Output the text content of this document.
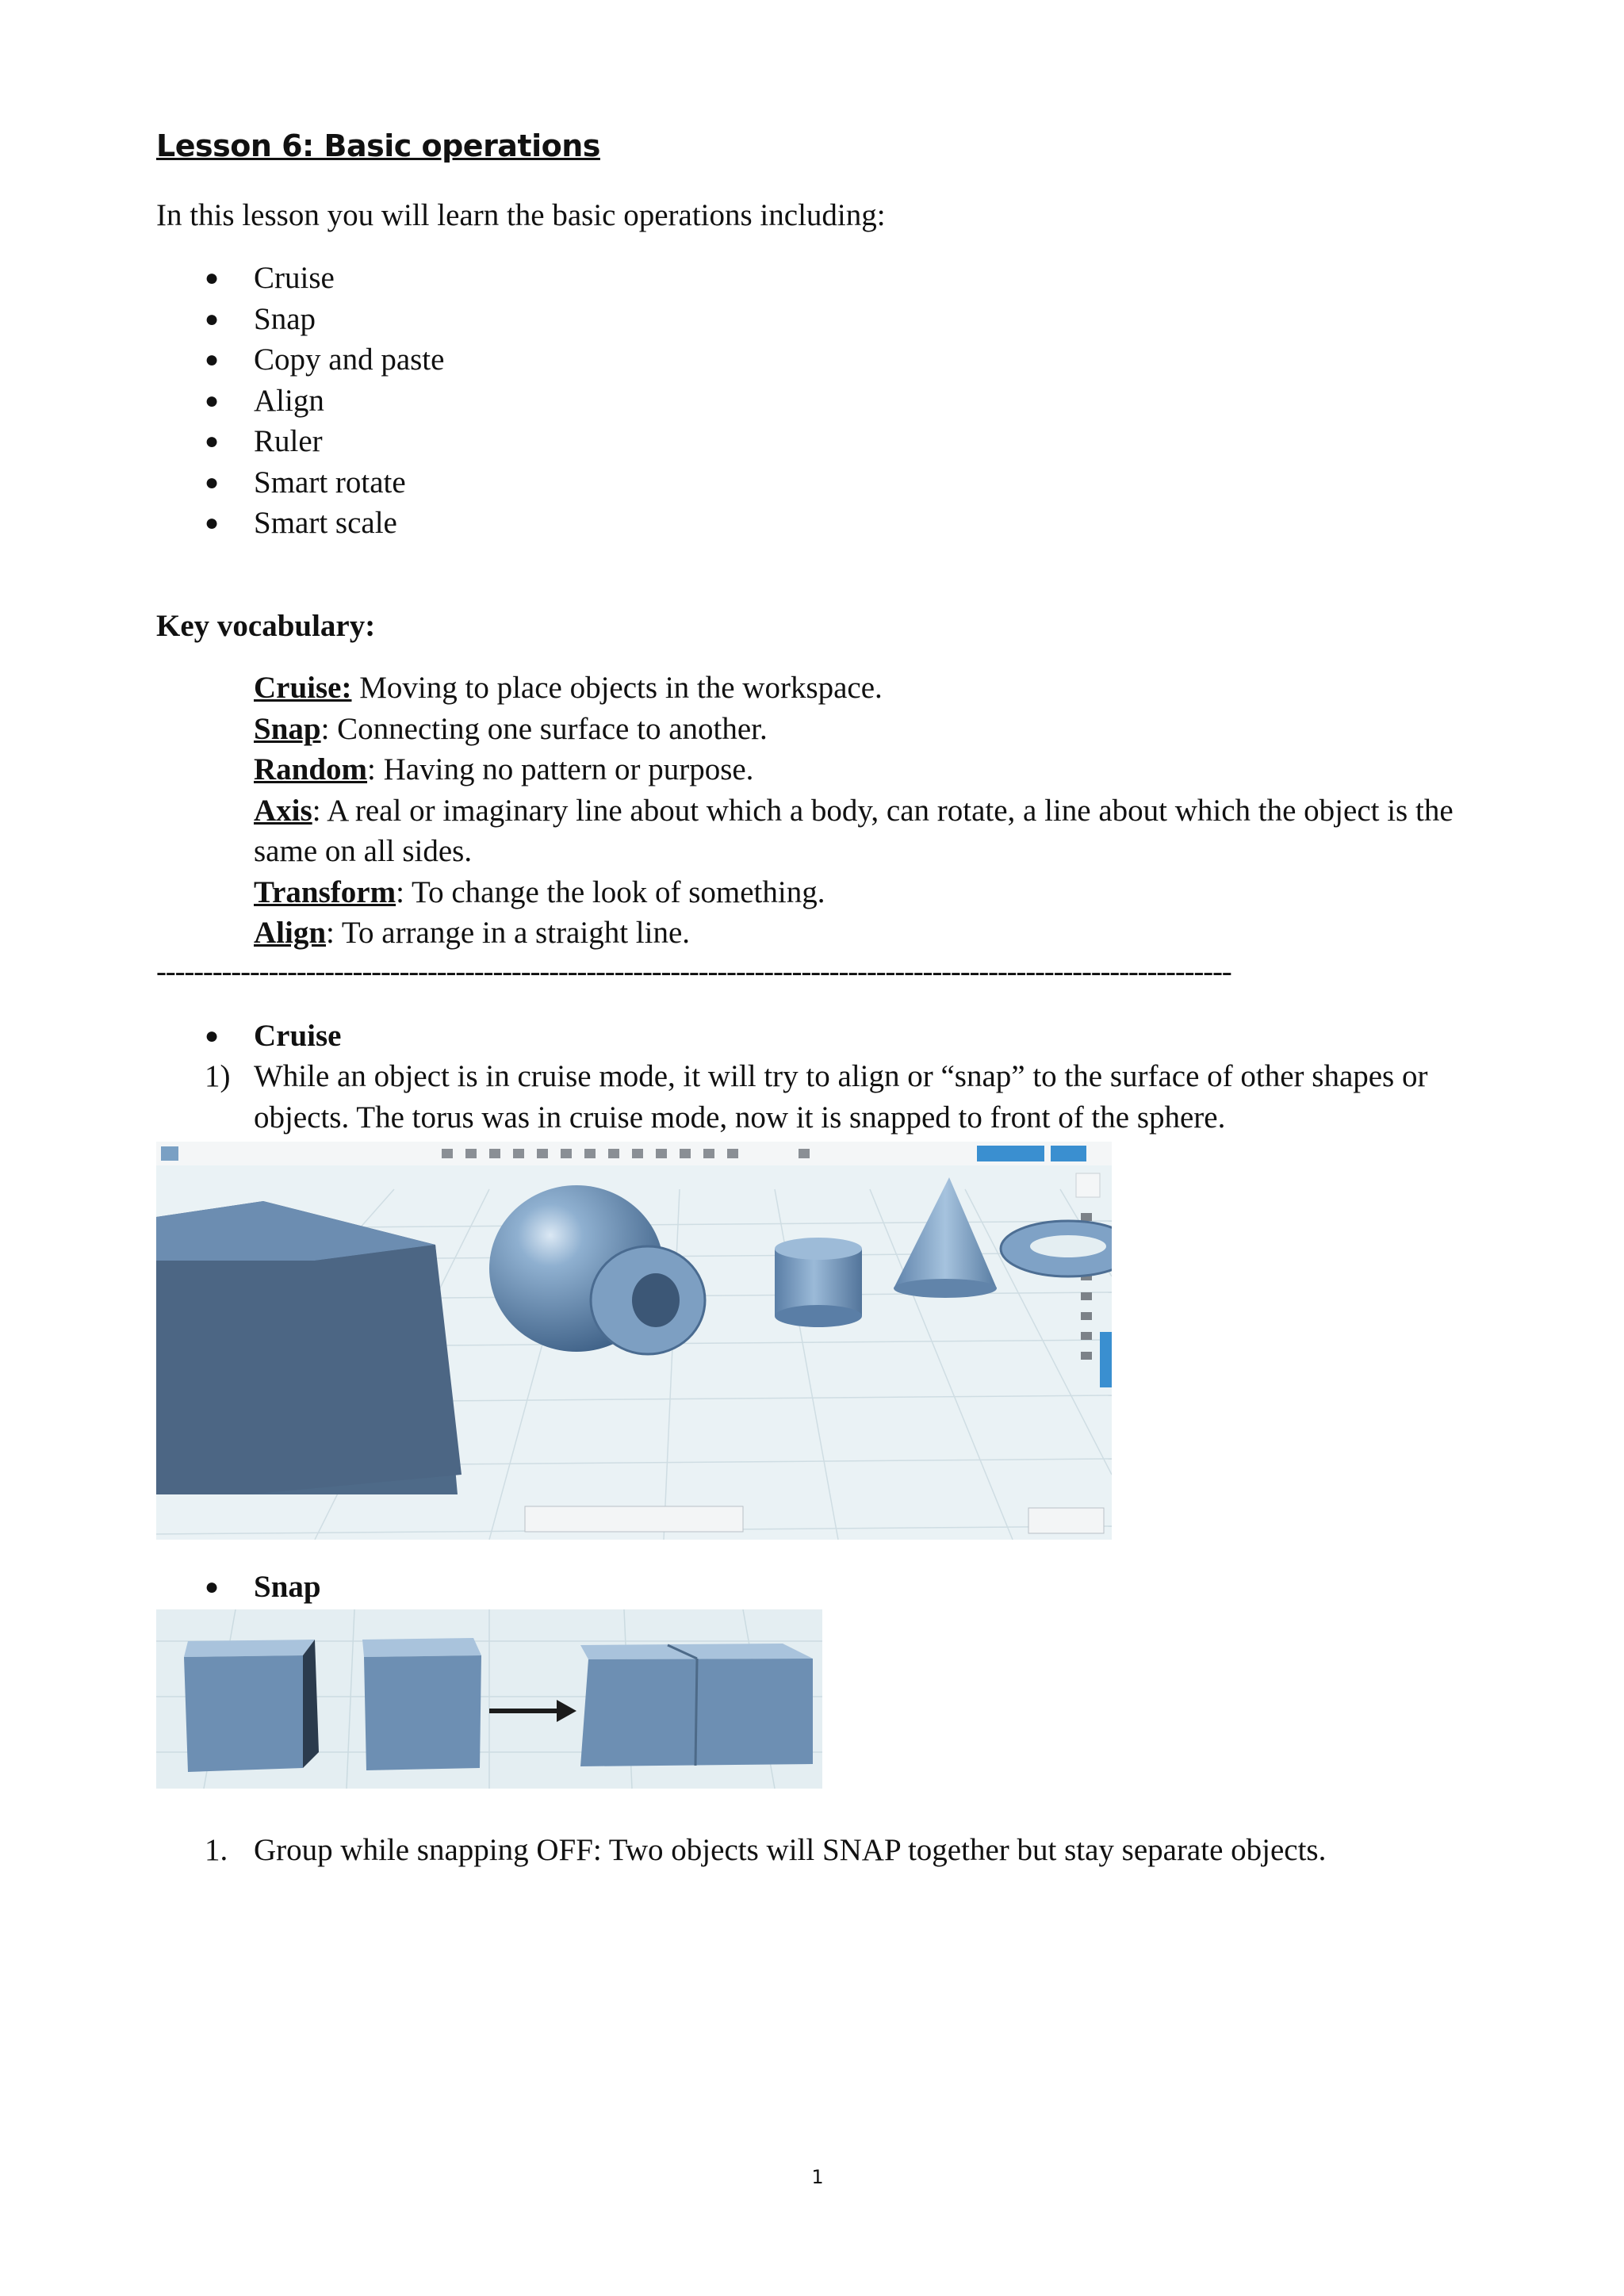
Lesson 6: Basic operations
In this lesson you will learn the basic operations including:
● Cruise
● Snap
● Copy and paste
● Align
● Ruler
● Smart rotate
● Smart scale
Key vocabulary:

Cruise: Moving to place objects in the workspace.

Snap: Connecting one surface to another.

Random: Having no pattern or purpose.

Axis: A real or imaginary line about which a body, can rotate, a line about which the object is the same on all sides.

Transform: To change the look of something.

Align: To arrange in a straight line.

-------------------------------------------------------------------------------------------------------------------
● Cruise
1) While an object is in cruise mode, it will try to align or “snap” to the surface of other shapes or objects. The torus was in cruise mode, now it is snapped to front of the sphere.
● Snap
1. Group while snapping OFF: Two objects will SNAP together but stay separate objects.
1
